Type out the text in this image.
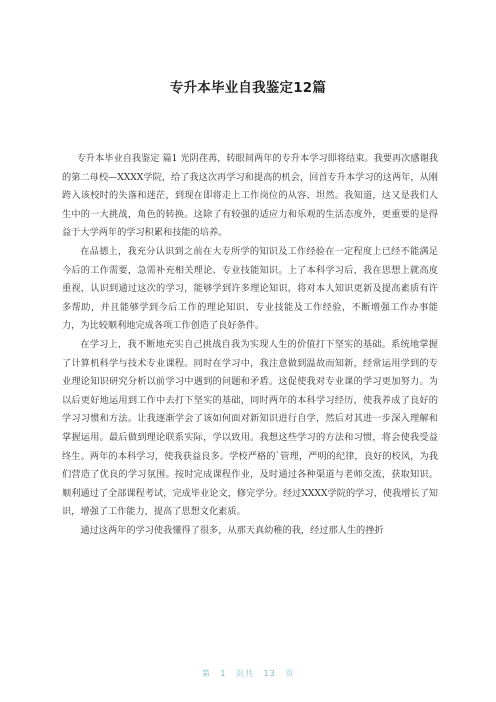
专升本毕业自我鉴定12篇

专升本毕业自我鉴定 篇1 光阴荏苒，转眼间两年的专升本学习即将结束。我要再次感谢我的第二母校—XXXX学院，给了我这次再学习和提高的机会，回首专升本学习的这两年，从刚跨入该校时的失落和迷茫，到现在即将走上工作岗位的从容、坦然。我知道，这又是我们人生中的一大挑战，角色的转换。这除了有较强的适应力和乐观的生活态度外，更重要的是得益于大学两年的学习积累和技能的培养。

在品德上，我充分认识到之前在大专所学的知识及工作经验在一定程度上已经不能满足今后的工作需要，急需补充相关理论、专业技能知识。上了本科学习后，我在思想上就高度重视，认识到通过这次的学习，能够学到许多理论知识，将对本人知识更新及提高素质有许多帮助，并且能够学到今后工作的理论知识、专业技能及工作经验，不断增强工作办事能力，为比较顺利地完成各项工作创造了良好条件。

在学习上，我不断地充实自己挑战自我为实现人生的价值打下坚实的基础。系统地掌握了计算机科学与技术专业课程。同时在学习中，我注意做到温故而知新，经常运用学到的专业理论知识研究分析以前学习中遇到的问题和矛盾。这促使我对专业课的学习更加努力。为以后更好地运用到工作中去打下坚实的基础，同时两年的本科学习经历，使我养成了良好的学习习惯和方法。让我逐渐学会了该如何面对新知识进行自学，然后对其进一步深入理解和掌握运用。最后做到理论联系实际，学以致用。我想这些学习的方法和习惯，将会使我受益终生。两年的本科学习，使我获益良多。学校严格的`管理，严明的纪律，良好的校风，为我们营造了优良的学习氛围。按时完成课程作业，及时通过各种渠道与老师交流，获取知识。顺利通过了全部课程考试，完成毕业论文，修完学分。经过XXXX学院的学习，使我增长了知识，增强了工作能力，提高了思想文化素质。

通过这两年的学习使我懂得了很多，从那天真幼稚的我，经过那人生的挫折

第 1 页共 13 页
